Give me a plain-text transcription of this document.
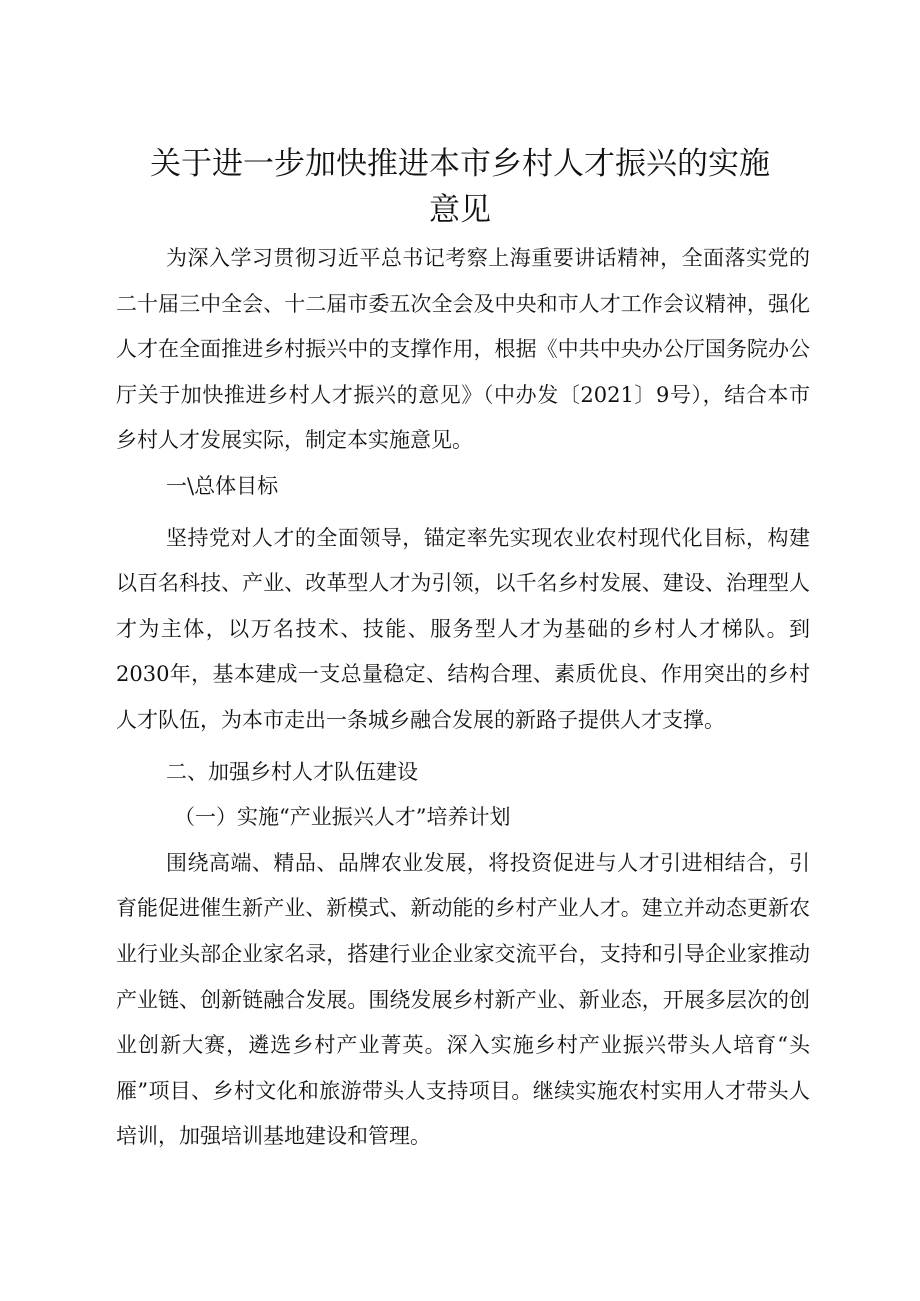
关于进一步加快推进本市乡村人才振兴的实施
意见

为深入学习贯彻习近平总书记考察上海重要讲话精神，全面落实党的二十届三中全会、十二届市委五次全会及中央和市人才工作会议精神，强化人才在全面推进乡村振兴中的支撑作用，根据《中共中央办公厅国务院办公厅关于加快推进乡村人才振兴的意见》（中办发〔2021〕9号），结合本市乡村人才发展实际，制定本实施意见。

一\总体目标

坚持党对人才的全面领导，锚定率先实现农业农村现代化目标，构建以百名科技、产业、改革型人才为引领，以千名乡村发展、建设、治理型人才为主体，以万名技术、技能、服务型人才为基础的乡村人才梯队。到2030年，基本建成一支总量稳定、结构合理、素质优良、作用突出的乡村人才队伍，为本市走出一条城乡融合发展的新路子提供人才支撑。

二、加强乡村人才队伍建设

（一）实施“产业振兴人才”培养计划

围绕高端、精品、品牌农业发展，将投资促进与人才引进相结合，引育能促进催生新产业、新模式、新动能的乡村产业人才。建立并动态更新农业行业头部企业家名录，搭建行业企业家交流平台，支持和引导企业家推动产业链、创新链融合发展。围绕发展乡村新产业、新业态，开展多层次的创业创新大赛，遴选乡村产业菁英。深入实施乡村产业振兴带头人培育“头雁”项目、乡村文化和旅游带头人支持项目。继续实施农村实用人才带头人培训，加强培训基地建设和管理。
